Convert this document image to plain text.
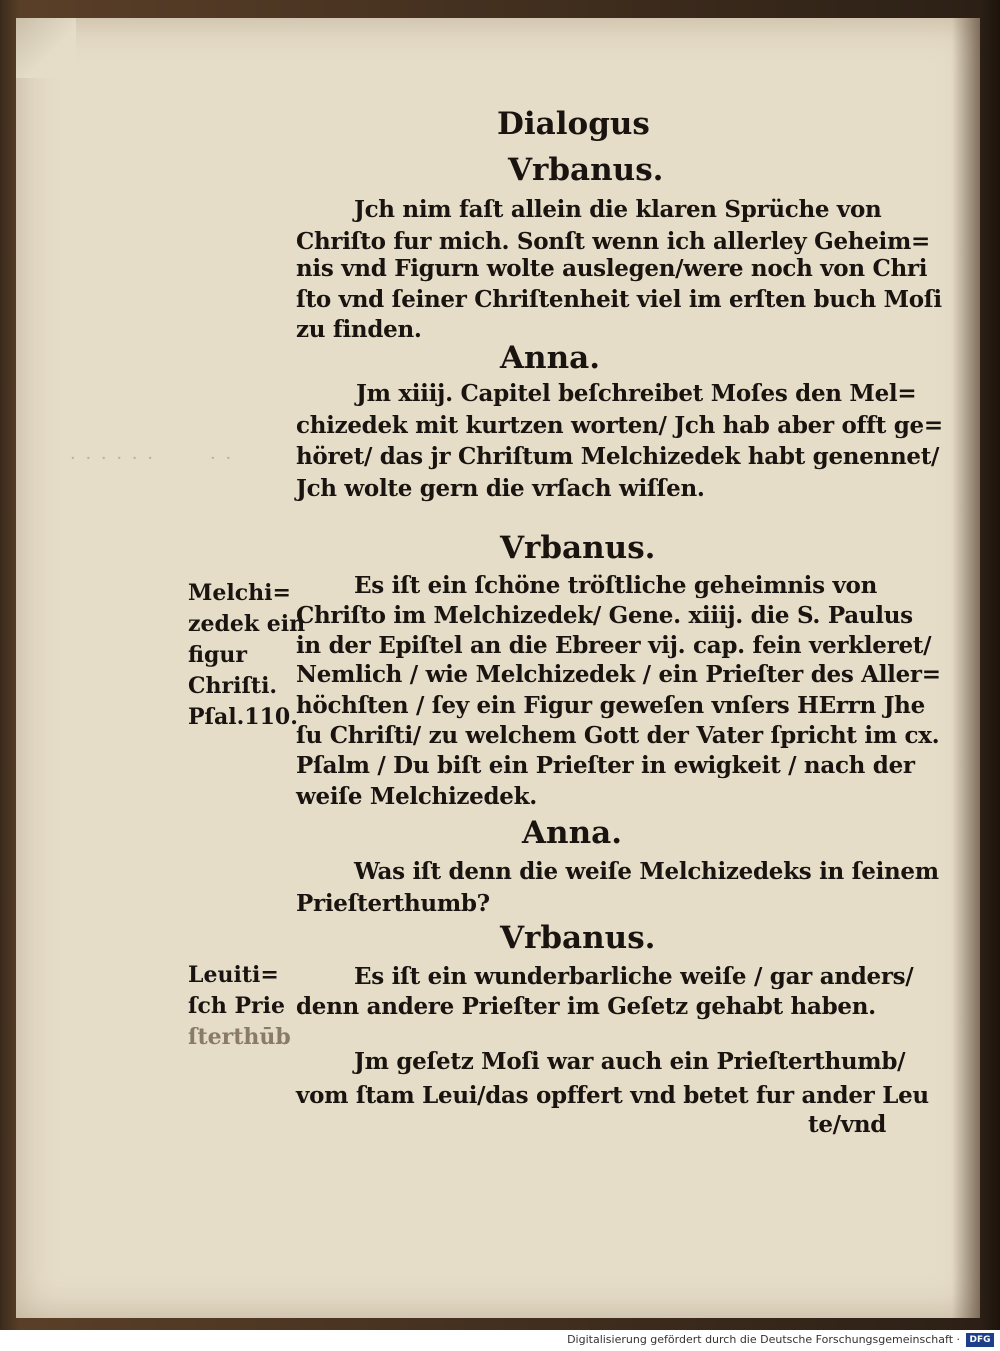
· · · · · ·	· ·
Dialogus
Vrbanus.
Jch nim faſt allein die klaren Sprüche von
Chriſto fur mich. Sonſt wenn ich allerley Geheim=
nis vnd Figurn wolte auslegen/were noch von Chri
ſto vnd ſeiner Chriſtenheit viel im erſten buch Moſi
zu finden.
Anna.
Jm xiiij. Capitel beſchreibet Moſes den Mel=
chizedek mit kurtzen worten/ Jch hab aber offt ge=
höret/ das jr Chriſtum Melchizedek habt genennet/
Jch wolte gern die vrſach wiſſen.
Vrbanus.
Melchi=
zedek ein
figur
Chriſti.
Pſal.110.
Es iſt ein ſchöne tröſtliche geheimnis von
Chriſto im Melchizedek/ Gene. xiiij. die S. Paulus
in der Epiſtel an die Ebreer vij. cap. fein verkleret/
Nemlich / wie Melchizedek / ein Prieſter des Aller=
höchſten / ſey ein Figur geweſen vnſers HErrn Jhe
ſu Chriſti/ zu welchem Gott der Vater ſpricht im cx.
Pſalm / Du biſt ein Prieſter in ewigkeit / nach der
weiſe Melchizedek.
Anna.
Was iſt denn die weiſe Melchizedeks in ſeinem
Prieſterthumb?
Vrbanus.
Leuiti=
ſch Prie
ſterthūb
Es iſt ein wunderbarliche weiſe / gar anders/
denn andere Prieſter im Geſetz gehabt haben.
Jm geſetz Moſi war auch ein Prieſterthumb/
vom ſtam Leui/das opffert vnd betet fur ander Leu
te/vnd
Digitalisierung gefördert durch die Deutsche Forschungsgemeinschaft ·	DFG
